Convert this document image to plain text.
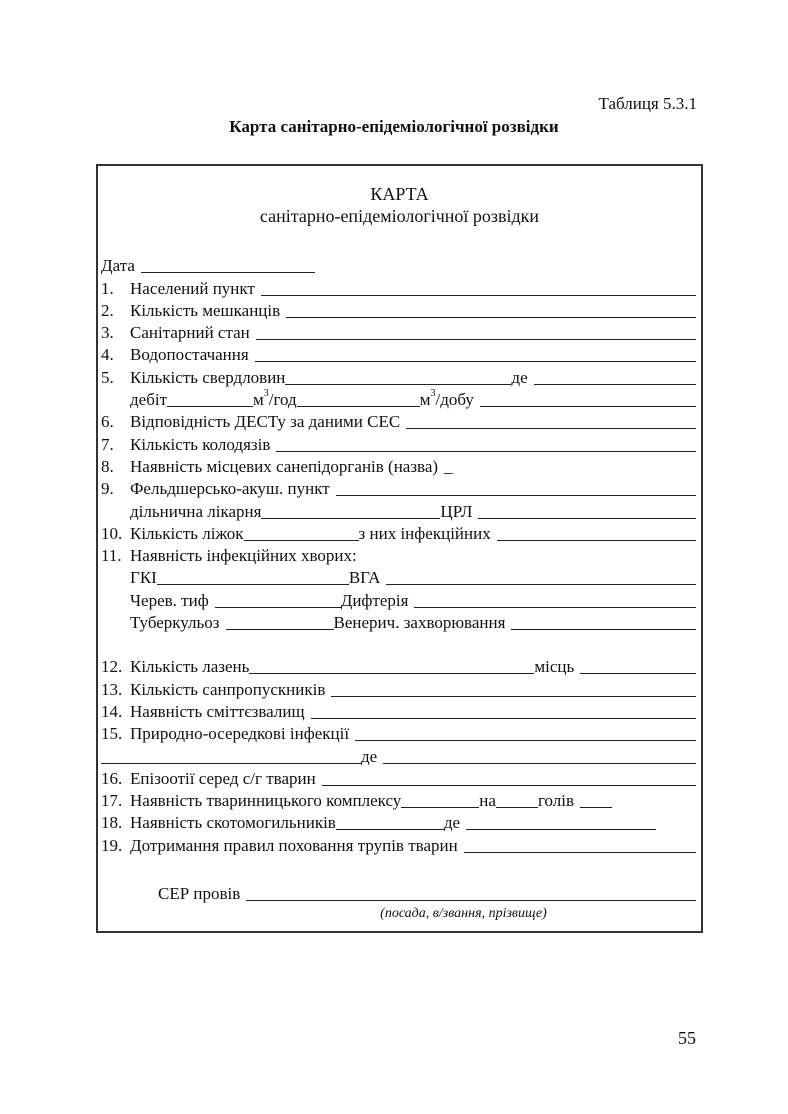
Таблиця 5.3.1
Карта санітарно-епідеміологічної розвідки
КАРТА
санітарно-епідеміологічної розвідки
Дата
1. Населений пункт
2. Кількість мешканців
3. Санітарний стан
4. Водопостачання
5. Кількість свердловин	де
дебіт	$м^3$/год	$м^3$/добу
6. Відповідність ДЕСТу за даними СЕС
7. Кількість колодязів
8. Наявність місцевих санепідорганів (назва) _
9. Фельдшерсько-акуш. пункт
дільнична лікарня	ЦРЛ
10. Кількість ліжок	з них інфекційних
11. Наявність інфекційних хворих:
ГКІ	ВГА
Черев. тиф	Дифтерія
Туберкульоз	Венерич. захворювання
12. Кількість лазень	місць
13. Кількість санпропускників
14. Наявність сміттєзвалищ
15. Природно-осередкові інфекції
де
16. Епізоотії серед с/г тварин
17. Наявність тваринницького комплексу	на голів
18. Наявність скотомогильників	де
19. Дотримання правил поховання трупів тварин
СЕР провів
(посада, в/звання, прізвище)
55
